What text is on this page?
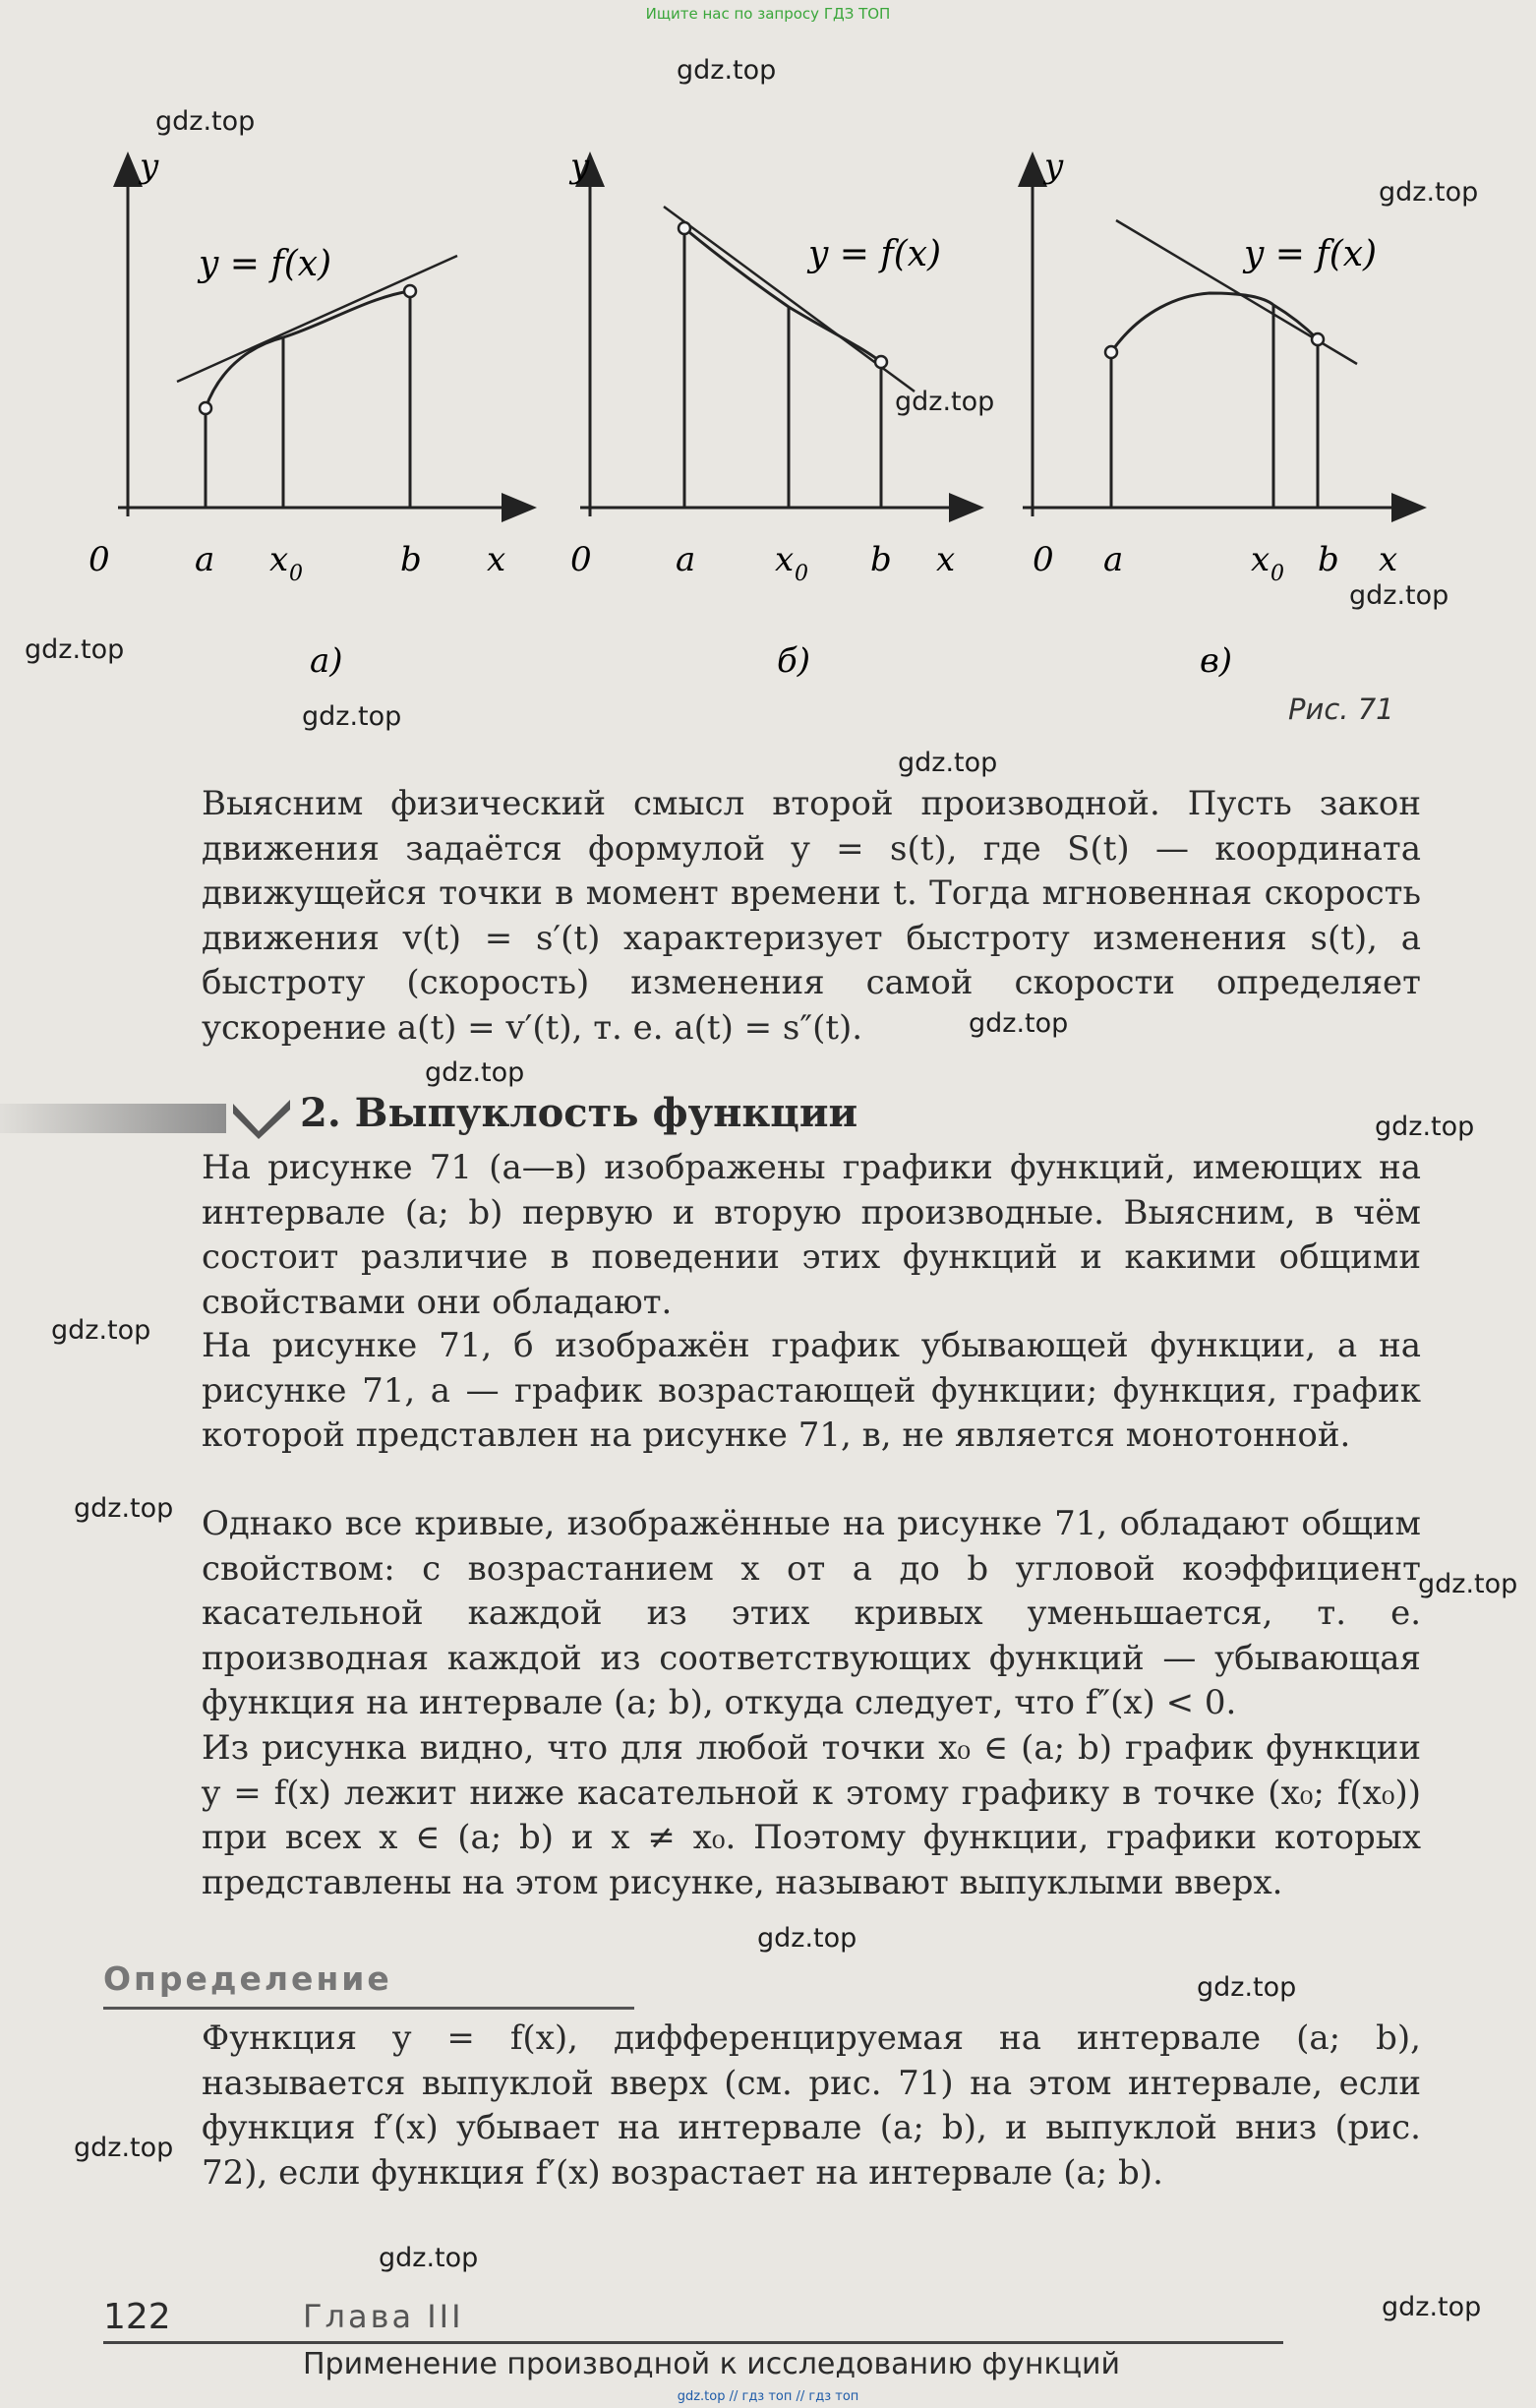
Ищите нас по запросу ГДЗ ТОП
y
y = f(x)
0	a x 0	b x
а)
y
y = f(x)
0	a x 0 b x
б)
y
y = f(x)
0 a	x 0 b x
в)
Рис. 71

Выясним физический смысл второй производной. Пусть закон движения задаётся формулой y = s(t), где S(t) — координата движущейся точки в момент времени t. Тогда мгновенная скорость движения v(t) = s′(t) характеризует быстроту изменения s(t), а быстроту (скорость) изменения самой скорости определяет ускорение a(t) = v′(t), т. е. a(t) = s″(t).

2. Выпуклость функции

На рисунке 71 (а—в) изображены графики функций, имеющих на интервале (a; b) первую и вторую производные. Выясним, в чём состоит различие в поведении этих функций и какими общими свойствами они обладают.

На рисунке 71, б изображён график убывающей функции, а на рисунке 71, а — график возрастающей функции; функция, график которой представлен на рисунке 71, в, не является монотонной.

Однако все кривые, изображённые на рисунке 71, обладают общим свойством: с возрастанием x от a до b угловой коэффициент касательной каждой из этих кривых уменьшается, т. е. производная каждой из соответствующих функций — убывающая функция на интервале (a; b), откуда следует, что f″(x) < 0.

Из рисунка видно, что для любой точки x₀ ∈ (a; b) график функции y = f(x) лежит ниже касательной к этому графику в точке (x₀; f(x₀)) при всех x ∈ (a; b) и x ≠ x₀. Поэтому функции, графики которых представлены на этом рисунке, называют выпуклыми вверх.

Определение

Функция y = f(x), дифференцируемая на интервале (a; b), называется выпуклой вверх (см. рис. 71) на этом интервале, если функция f′(x) убывает на интервале (a; b), и выпуклой вниз (рис. 72), если функция f′(x) возрастает на интервале (a; b).

122	Глава III
Применение производной к исследованию функций
gdz.top
gdz.top
gdz.top
gdz.top
gdz.top
gdz.top
gdz.top
gdz.top
gdz.top
gdz.top
gdz.top
gdz.top
gdz.top
gdz.top
gdz.top
gdz.top
gdz.top
gdz.top
gdz.top
gdz.top // гдз топ // гдз топ
